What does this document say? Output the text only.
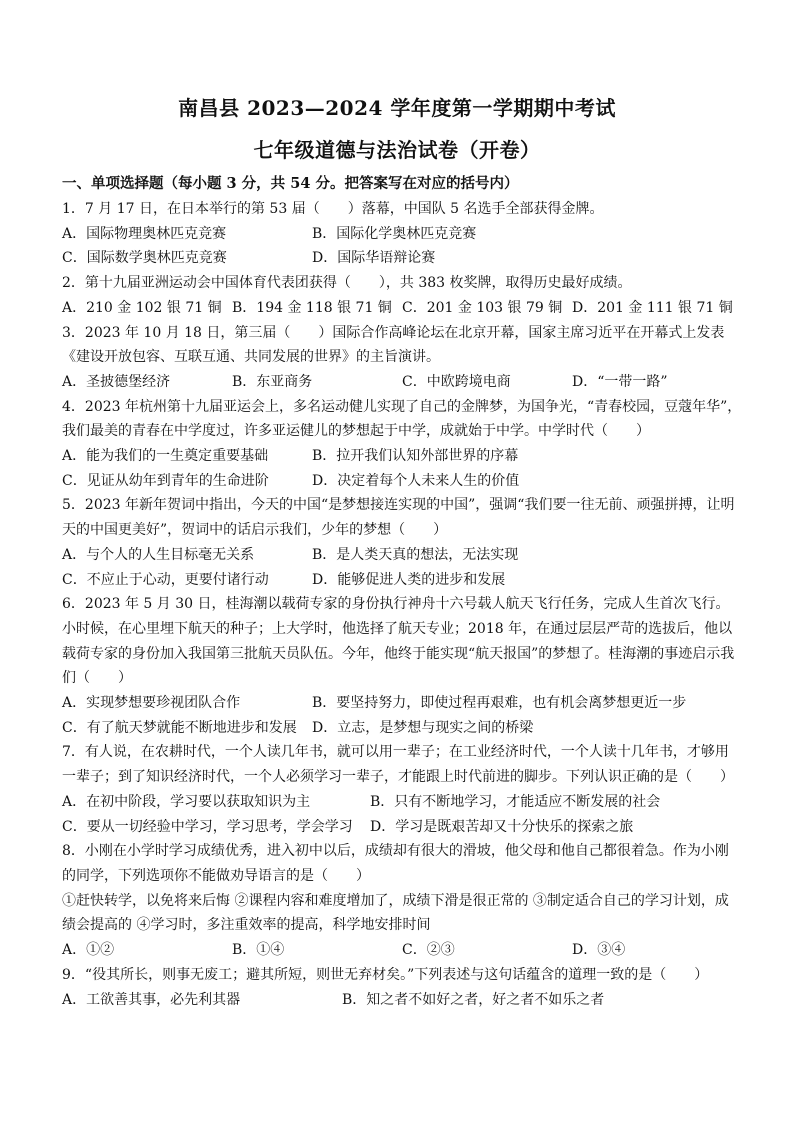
南昌县 2023—2024 学年度第一学期期中考试
七年级道德与法治试卷（开卷）

一、单项选择题（每小题 3 分，共 54 分。把答案写在对应的括号内）

1．7 月 17 日，在日本举行的第 53 届（　　）落幕，中国队 5 名选手全部获得金牌。

A．国际物理奥林匹克竞赛	B．国际化学奥林匹克竞赛

C．国际数学奥林匹克竞赛	D．国际华语辩论赛

2．第十九届亚洲运动会中国体育代表团获得（　　），共 383 枚奖牌，取得历史最好成绩。

A．210 金 102 银 71 铜 B．194 金 118 银 71 铜 C．201 金 103 银 79 铜 D．201 金 111 银 71 铜

3．2023 年 10 月 18 日，第三届（　　）国际合作高峰论坛在北京开幕，国家主席习近平在开幕式上发表《建设开放包容、互联互通、共同发展的世界》的主旨演讲。

A．圣披德堡经济	B．东亚商务	C．中欧跨境电商	D．“一带一路”

4．2023 年杭州第十九届亚运会上，多名运动健儿实现了自己的金牌梦，为国争光，“青春校园，豆蔻年华”，我们最美的青春在中学度过，许多亚运健儿的梦想起于中学，成就始于中学。中学时代（　　）

A．能为我们的一生奠定重要基础	B．拉开我们认知外部世界的序幕

C．见证从幼年到青年的生命进阶	D．决定着每个人未来人生的价值

5．2023 年新年贺词中指出，今天的中国“是梦想接连实现的中国”，强调“我们要一往无前、顽强拼搏，让明天的中国更美好”，贺词中的话启示我们，少年的梦想（　　）

A．与个人的人生目标毫无关系	B．是人类天真的想法，无法实现

C．不应止于心动，更要付诸行动	D．能够促进人类的进步和发展

6．2023 年 5 月 30 日，桂海潮以载荷专家的身份执行神舟十六号载人航天飞行任务，完成人生首次飞行。小时候，在心里埋下航天的种子；上大学时，他选择了航天专业；2018 年，在通过层层严苛的选拔后，他以载荷专家的身份加入我国第三批航天员队伍。今年，他终于能实现“航天报国”的梦想了。桂海潮的事迹启示我们（　　）

A．实现梦想要珍视团队合作	B．要坚持努力，即使过程再艰难，也有机会离梦想更近一步

C．有了航天梦就能不断地进步和发展	D．立志，是梦想与现实之间的桥梁

7．有人说，在农耕时代，一个人读几年书，就可以用一辈子；在工业经济时代，一个人读十几年书，才够用一辈子；到了知识经济时代，一个人必须学习一辈子，才能跟上时代前进的脚步。下列认识正确的是（　　）

A．在初中阶段，学习要以获取知识为主	B．只有不断地学习，才能适应不断发展的社会

C．要从一切经验中学习，学习思考，学会学习	D．学习是既艰苦却又十分快乐的探索之旅

8．小刚在小学时学习成绩优秀，进入初中以后，成绩却有很大的滑坡，他父母和他自己都很着急。作为小刚的同学，下列选项你不能做劝导语言的是（　　）

①赶快转学，以免将来后悔 ②课程内容和难度增加了，成绩下滑是很正常的 ③制定适合自己的学习计划，成绩会提高的 ④学习时，多注重效率的提高，科学地安排时间

A．①②	B．①④	C．②③	D．③④

9．“役其所长，则事无废工；避其所短，则世无弃材矣。”下列表述与这句话蕴含的道理一致的是（　　）

A．工欲善其事，必先利其器	B．知之者不如好之者，好之者不如乐之者
